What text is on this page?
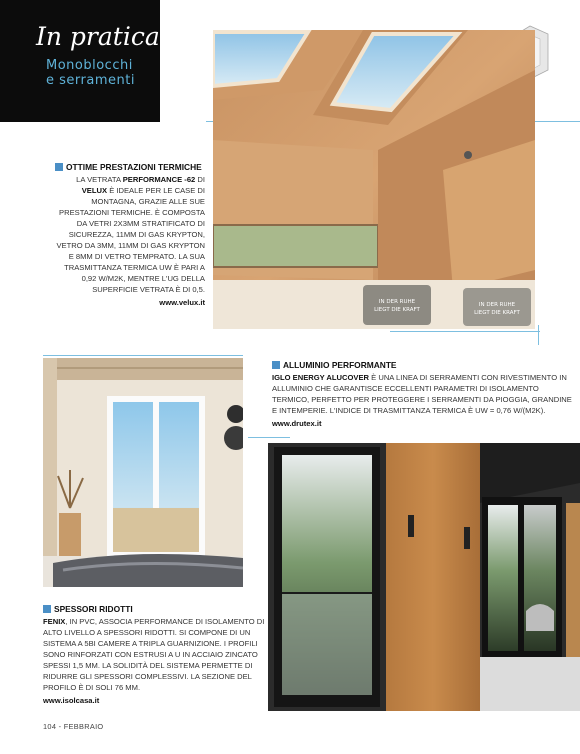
In pratica
Monoblocchi
e serramenti
IN DER RUHE
LIEGT DIE KRAFT
IN DER RUHE
LIEGT DIE KRAFT
OTTIME PRESTAZIONI TERMICHE
LA VETRATA PERFORMANCE -62 DI VELUX È IDEALE PER LE CASE DI MONTAGNA, GRAZIE ALLE SUE PRESTAZIONI TERMICHE. È COMPOSTA DA VETRI 2X3MM STRATIFICATO DI SICUREZZA, 11MM DI GAS KRYPTON, VETRO DA 3MM, 11MM DI GAS KRYPTON E 8MM DI VETRO TEMPRATO. LA SUA TRASMITTANZA TERMICA UW È PARI A 0,92 W/M2K, MENTRE L'UG DELLA SUPERFICIE VETRATA È DI 0,5.
www.velux.it
ALLUMINIO PERFORMANTE
IGLO ENERGY ALUCOVER È UNA LINEA DI SERRAMENTI CON RIVESTIMENTO IN ALLUMINIO CHE GARANTISCE ECCELLENTI PARAMETRI DI ISOLAMENTO TERMICO, PERFETTO PER PROTEGGERE I SERRAMENTI DA PIOGGIA, GRANDINE E INTEMPERIE. L'INDICE DI TRASMITTANZA TERMICA È UW = 0,76 W/(M2K).
www.drutex.it
SPESSORI RIDOTTI
FENIX, IN PVC, ASSOCIA PERFORMANCE DI ISOLAMENTO DI ALTO LIVELLO A SPESSORI RIDOTTI. SI COMPONE DI UN SISTEMA A 5BI CAMERE A TRIPLA GUARNIZIONE. I PROFILI SONO RINFORZATI CON ESTRUSI A U IN ACCIAIO ZINCATO SPESSI 1,5 MM. LA SOLIDITÀ DEL SISTEMA PERMETTE DI RIDURRE GLI SPESSORI COMPLESSIVI. LA SEZIONE DEL PROFILO È DI SOLI 76 MM.
www.isolcasa.it
104 - FEBBRAIO
